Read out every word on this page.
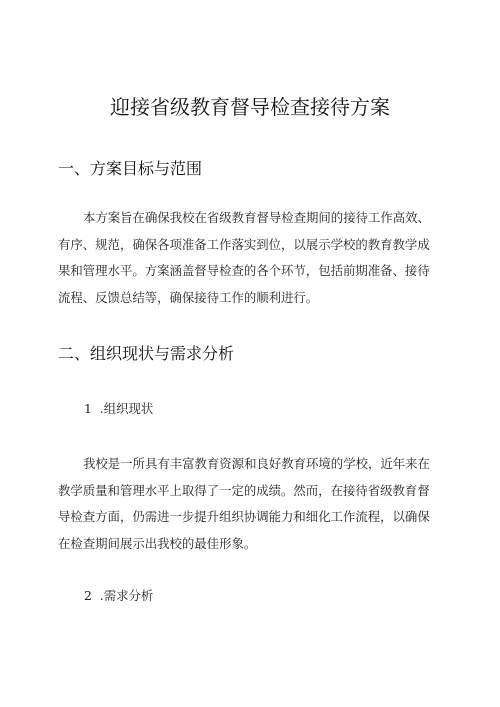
迎接省级教育督导检查接待方案
一、方案目标与范围

本方案旨在确保我校在省级教育督导检查期间的接待工作高效、
有序、规范，确保各项准备工作落实到位，以展示学校的教育教学成
果和管理水平。方案涵盖督导检查的各个环节，包括前期准备、接待
流程、反馈总结等，确保接待工作的顺利进行。

二、组织现状与需求分析

1  .组织现状

我校是一所具有丰富教育资源和良好教育环境的学校，近年来在
教学质量和管理水平上取得了一定的成绩。然而，在接待省级教育督
导检查方面，仍需进一步提升组织协调能力和细化工作流程，以确保
在检查期间展示出我校的最佳形象。

2  .需求分析
